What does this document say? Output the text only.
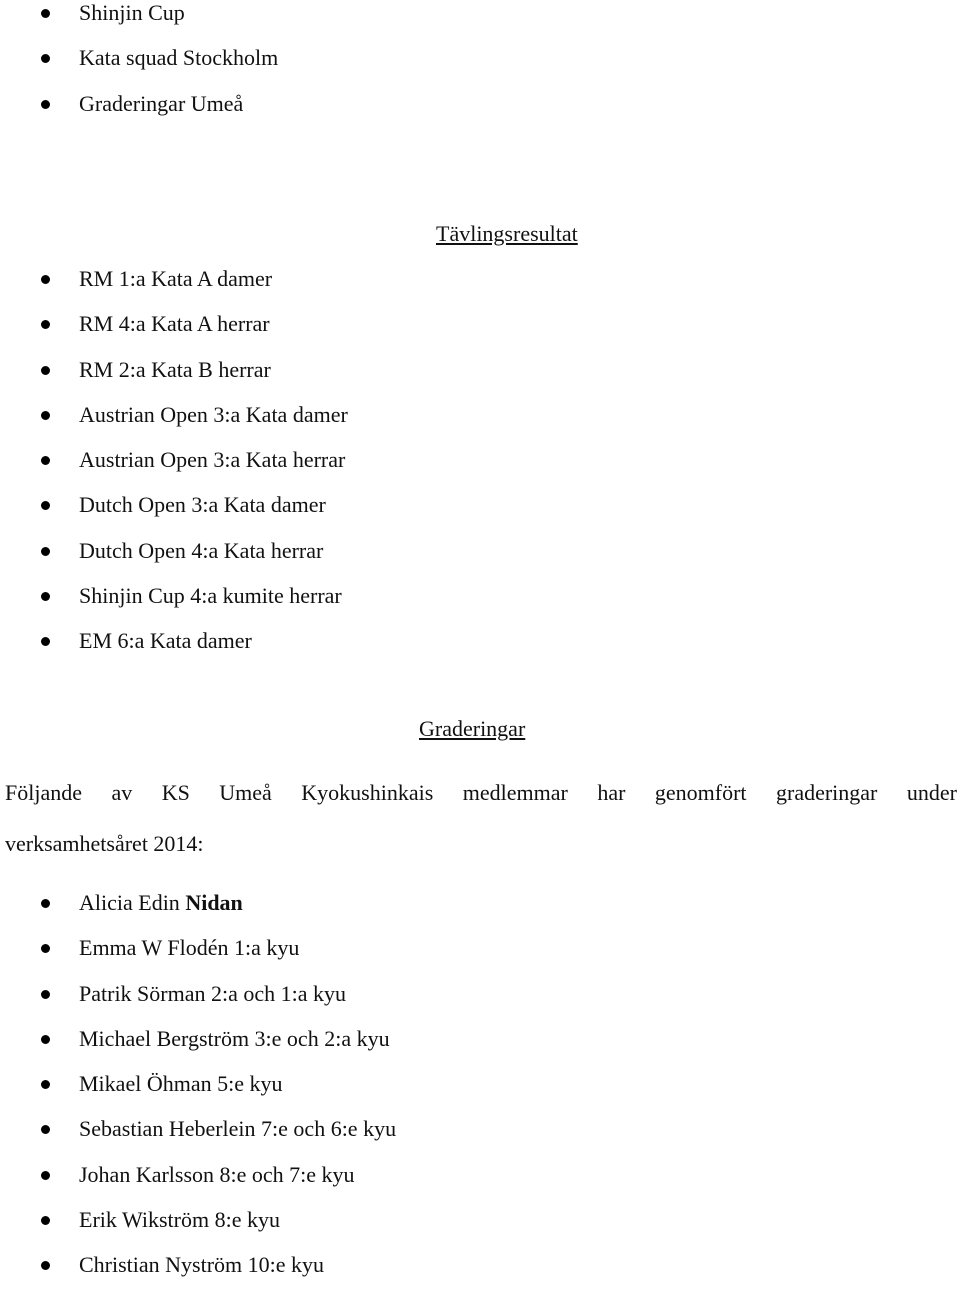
Shinjin Cup
Kata squad Stockholm
Graderingar Umeå
Tävlingsresultat
RM 1:a Kata A damer
RM 4:a Kata A herrar
RM 2:a Kata B herrar
Austrian Open 3:a Kata damer
Austrian Open 3:a Kata herrar
Dutch Open 3:a Kata damer
Dutch Open 4:a Kata herrar
Shinjin Cup 4:a kumite herrar
EM 6:a Kata damer
Graderingar
Följande av KS Umeå Kyokushinkais medlemmar har genomfört graderingar under
verksamhetsåret 2014:
Alicia Edin Nidan
Emma W Flodén 1:a kyu
Patrik Sörman 2:a och 1:a kyu
Michael Bergström 3:e och 2:a kyu
Mikael Öhman 5:e kyu
Sebastian Heberlein 7:e och 6:e kyu
Johan Karlsson 8:e och 7:e kyu
Erik Wikström 8:e kyu
Christian Nyström 10:e kyu
